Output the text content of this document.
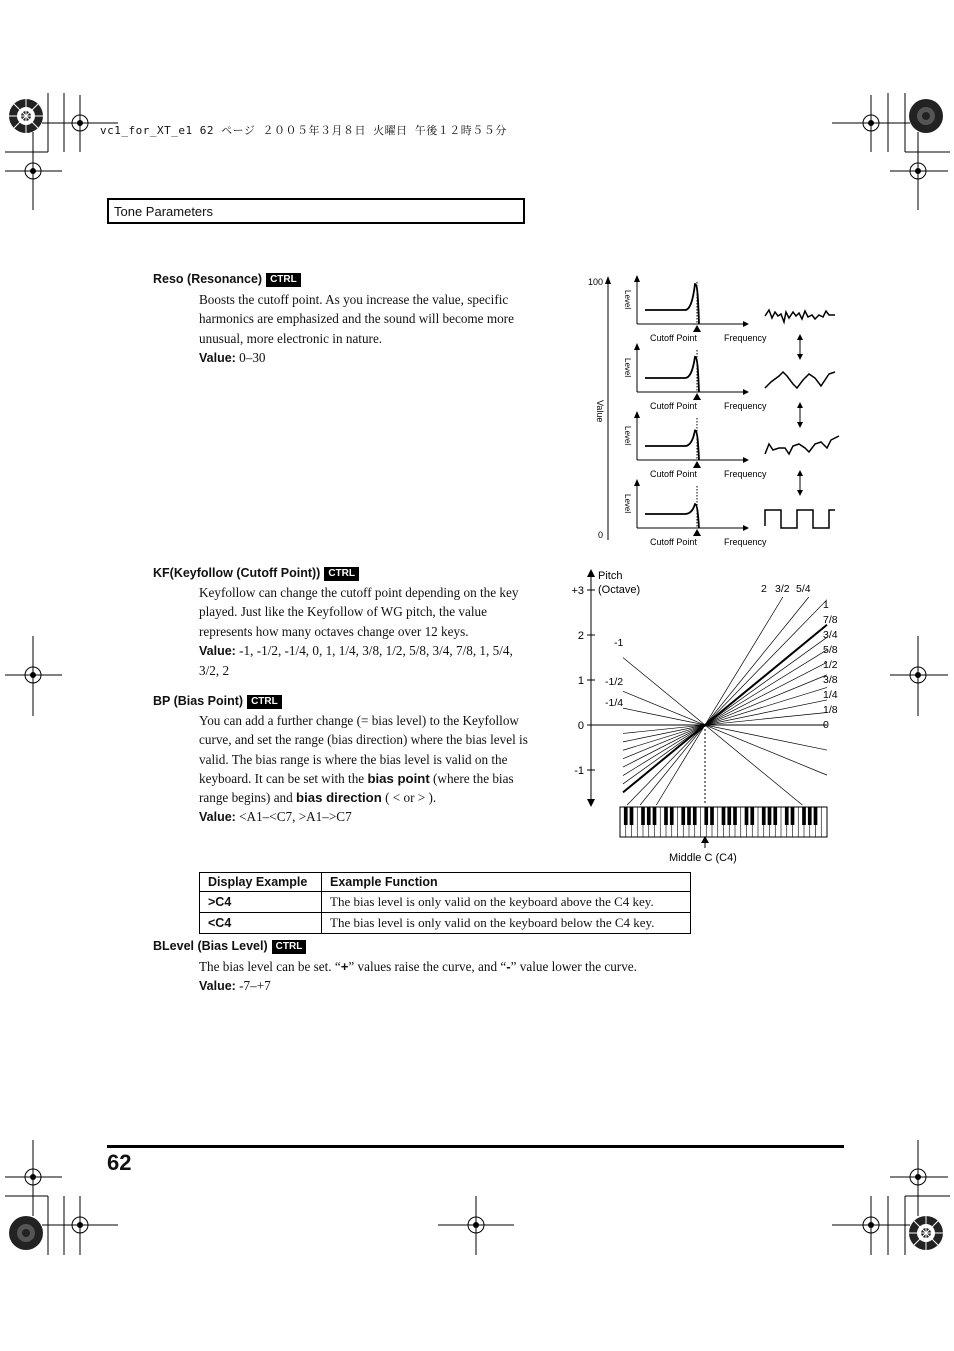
vc1_for_XT_e1 62 ページ ２００５年３月８日 火曜日 午後１２時５５分
Tone Parameters
Reso (Resonance) CTRL
Boosts the cutoff point. As you increase the value, specific
harmonics are emphasized and the sound will become more
unusual, more electronic in nature.
Value: 0–30
100
0
Value
Level
Cutoff Point	Frequency
Level
Cutoff Point	Frequency
Level
Cutoff Point	Frequency
Level
Cutoff Point	Frequency
KF(Keyfollow (Cutoff Point)) CTRL
Keyfollow can change the cutoff point depending on the key
played. Just like the Keyfollow of WG pitch, the value
represents how many octaves change over 12 keys.
Value: -1, -1/2, -1/4, 0, 1, 1/4, 3/8, 1/2, 5/8, 3/4, 7/8, 1, 5/4,
3/2, 2
BP (Bias Point) CTRL
You can add a further change (= bias level) to the Keyfollow
curve, and set the range (bias direction) where the bias level is
valid. The bias range is where the bias level is valid on the
keyboard. It can be set with the bias point (where the bias
range begins) and bias direction ( < or > ).
Value: <A1–<C7, >A1–>C7
Pitch
(Octave)
+3
2
1
0
-1
-1
-1/2
-1/4
2 3/2 5/4
1
7/8
3/4
5/8
1/2
3/8
1/4
1/8
0
Middle C (C4)
Display Example	Example Function
>C4	The bias level is only valid on the keyboard above the C4 key.
<C4	The bias level is only valid on the keyboard below the C4 key.
BLevel (Bias Level) CTRL
The bias level can be set. “+” values raise the curve, and “-” value lower the curve.
Value: -7–+7
62
